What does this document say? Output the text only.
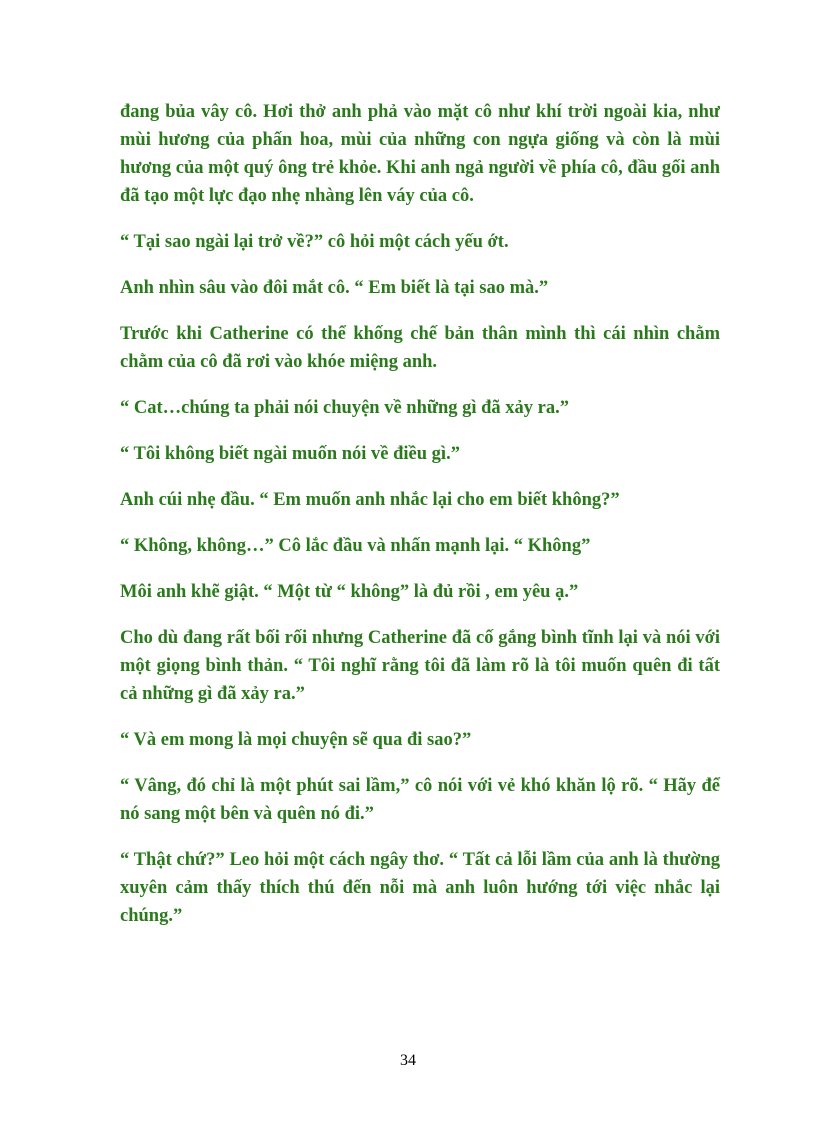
đang bủa vây cô. Hơi thở anh phả vào mặt cô như khí trời ngoài kia, như mùi hương của phấn hoa, mùi của những con ngựa giống và còn là mùi hương của một quý ông trẻ khỏe. Khi anh ngả người về phía cô, đầu gối anh đã tạo một lực đạo nhẹ nhàng lên váy của cô.

“ Tại sao ngài lại trở về?” cô hỏi một cách yếu ớt.

Anh nhìn sâu vào đôi mắt cô. “ Em biết là tại sao mà.”

Trước khi Catherine có thể khống chế bản thân mình thì cái nhìn chằm chằm của cô đã rơi vào khóe miệng anh.

“ Cat…chúng ta phải nói chuyện về những gì đã xảy ra.”

“ Tôi không biết ngài muốn nói về điều gì.”

Anh cúi nhẹ đầu. “ Em muốn anh nhắc lại cho em biết không?”

“ Không, không…” Cô lắc đầu và nhấn mạnh lại. “ Không”

Môi anh khẽ giật. “ Một từ “ không” là đủ rồi , em yêu ạ.”

Cho dù đang rất bối rối nhưng Catherine đã cố gắng bình tĩnh lại và nói với một giọng bình thản. “ Tôi nghĩ rằng tôi đã làm rõ là tôi muốn quên đi tất cả những gì đã xảy ra.”

“ Và em mong là mọi chuyện sẽ qua đi sao?”

“ Vâng, đó chỉ là một phút sai lầm,” cô nói với vẻ khó khăn lộ rõ. “ Hãy để nó sang một bên và quên nó đi.”

“ Thật chứ?” Leo hỏi một cách ngây thơ. “ Tất cả lỗi lầm của anh là thường xuyên cảm thấy thích thú đến nỗi mà anh luôn hướng tới việc nhắc lại chúng.”

34
